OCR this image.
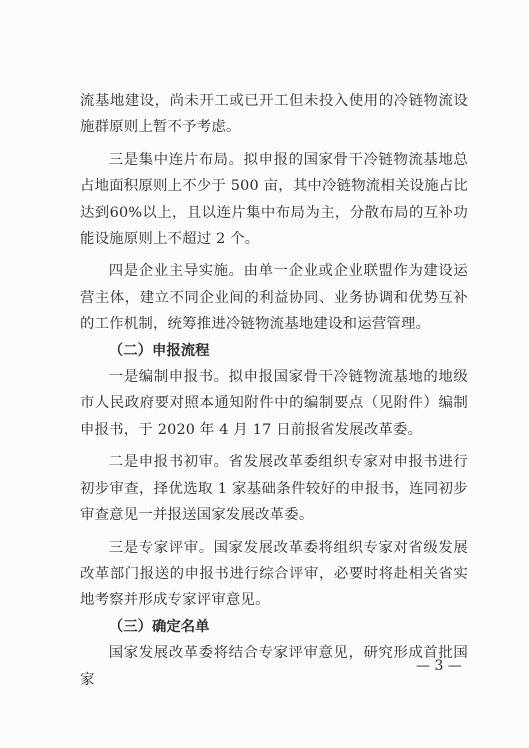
流基地建设，尚未开工或已开工但未投入使用的冷链物流设施群原则上暂不予考虑。

三是集中连片布局。拟申报的国家骨干冷链物流基地总占地面积原则上不少于 500 亩，其中冷链物流相关设施占比达到60%以上，且以连片集中布局为主，分散布局的互补功能设施原则上不超过 2 个。

四是企业主导实施。由单一企业或企业联盟作为建设运营主体，建立不同企业间的利益协同、业务协调和优势互补的工作机制，统筹推进冷链物流基地建设和运营管理。

（二）申报流程

一是编制申报书。拟申报国家骨干冷链物流基地的地级市人民政府要对照本通知附件中的编制要点（见附件）编制申报书，于 2020 年 4 月 17 日前报省发展改革委。

二是申报书初审。省发展改革委组织专家对申报书进行初步审查，择优选取 1 家基础条件较好的申报书，连同初步审查意见一并报送国家发展改革委。

三是专家评审。国家发展改革委将组织专家对省级发展改革部门报送的申报书进行综合评审，必要时将赴相关省实地考察并形成专家评审意见。

（三）确定名单

国家发展改革委将结合专家评审意见，研究形成首批国家

— 3 —
